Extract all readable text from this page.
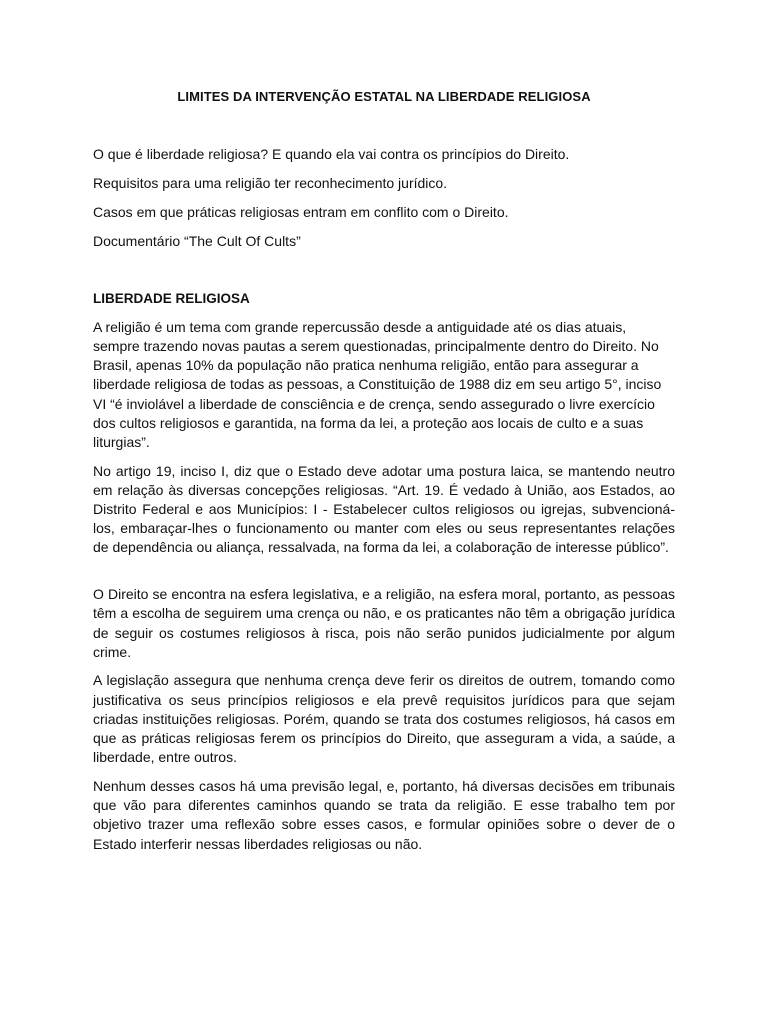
LIMITES DA INTERVENÇÃO ESTATAL NA LIBERDADE RELIGIOSA

O que é liberdade religiosa? E quando ela vai contra os princípios do Direito.

Requisitos para uma religião ter reconhecimento jurídico.

Casos em que práticas religiosas entram em conflito com o Direito.

Documentário “The Cult Of Cults”

LIBERDADE RELIGIOSA

A religião é um tema com grande repercussão desde a antiguidade até os dias atuais, sempre trazendo novas pautas a serem questionadas, principalmente dentro do Direito. No Brasil, apenas 10% da população não pratica nenhuma religião, então para assegurar a liberdade religiosa de todas as pessoas, a Constituição de 1988 diz em seu artigo 5°, inciso VI “é inviolável a liberdade de consciência e de crença, sendo assegurado o livre exercício dos cultos religiosos e garantida, na forma da lei, a proteção aos locais de culto e a suas liturgias”.

No artigo 19, inciso I, diz que o Estado deve adotar uma postura laica, se mantendo neutro em relação às diversas concepções religiosas. “Art. 19. É vedado à União, aos Estados, ao Distrito Federal e aos Municípios: I - Estabelecer cultos religiosos ou igrejas, subvencioná-los, embaraçar-lhes o funcionamento ou manter com eles ou seus representantes relações de dependência ou aliança, ressalvada, na forma da lei, a colaboração de interesse público”.

O Direito se encontra na esfera legislativa, e a religião, na esfera moral, portanto, as pessoas têm a escolha de seguirem uma crença ou não, e os praticantes não têm a obrigação jurídica de seguir os costumes religiosos à risca, pois não serão punidos judicialmente por algum crime.

A legislação assegura que nenhuma crença deve ferir os direitos de outrem, tomando como justificativa os seus princípios religiosos e ela prevê requisitos jurídicos para que sejam criadas instituições religiosas. Porém, quando se trata dos costumes religiosos, há casos em que as práticas religiosas ferem os princípios do Direito, que asseguram a vida, a saúde, a liberdade, entre outros.

Nenhum desses casos há uma previsão legal, e, portanto, há diversas decisões em tribunais que vão para diferentes caminhos quando se trata da religião. E esse trabalho tem por objetivo trazer uma reflexão sobre esses casos, e formular opiniões sobre o dever de o Estado interferir nessas liberdades religiosas ou não.
